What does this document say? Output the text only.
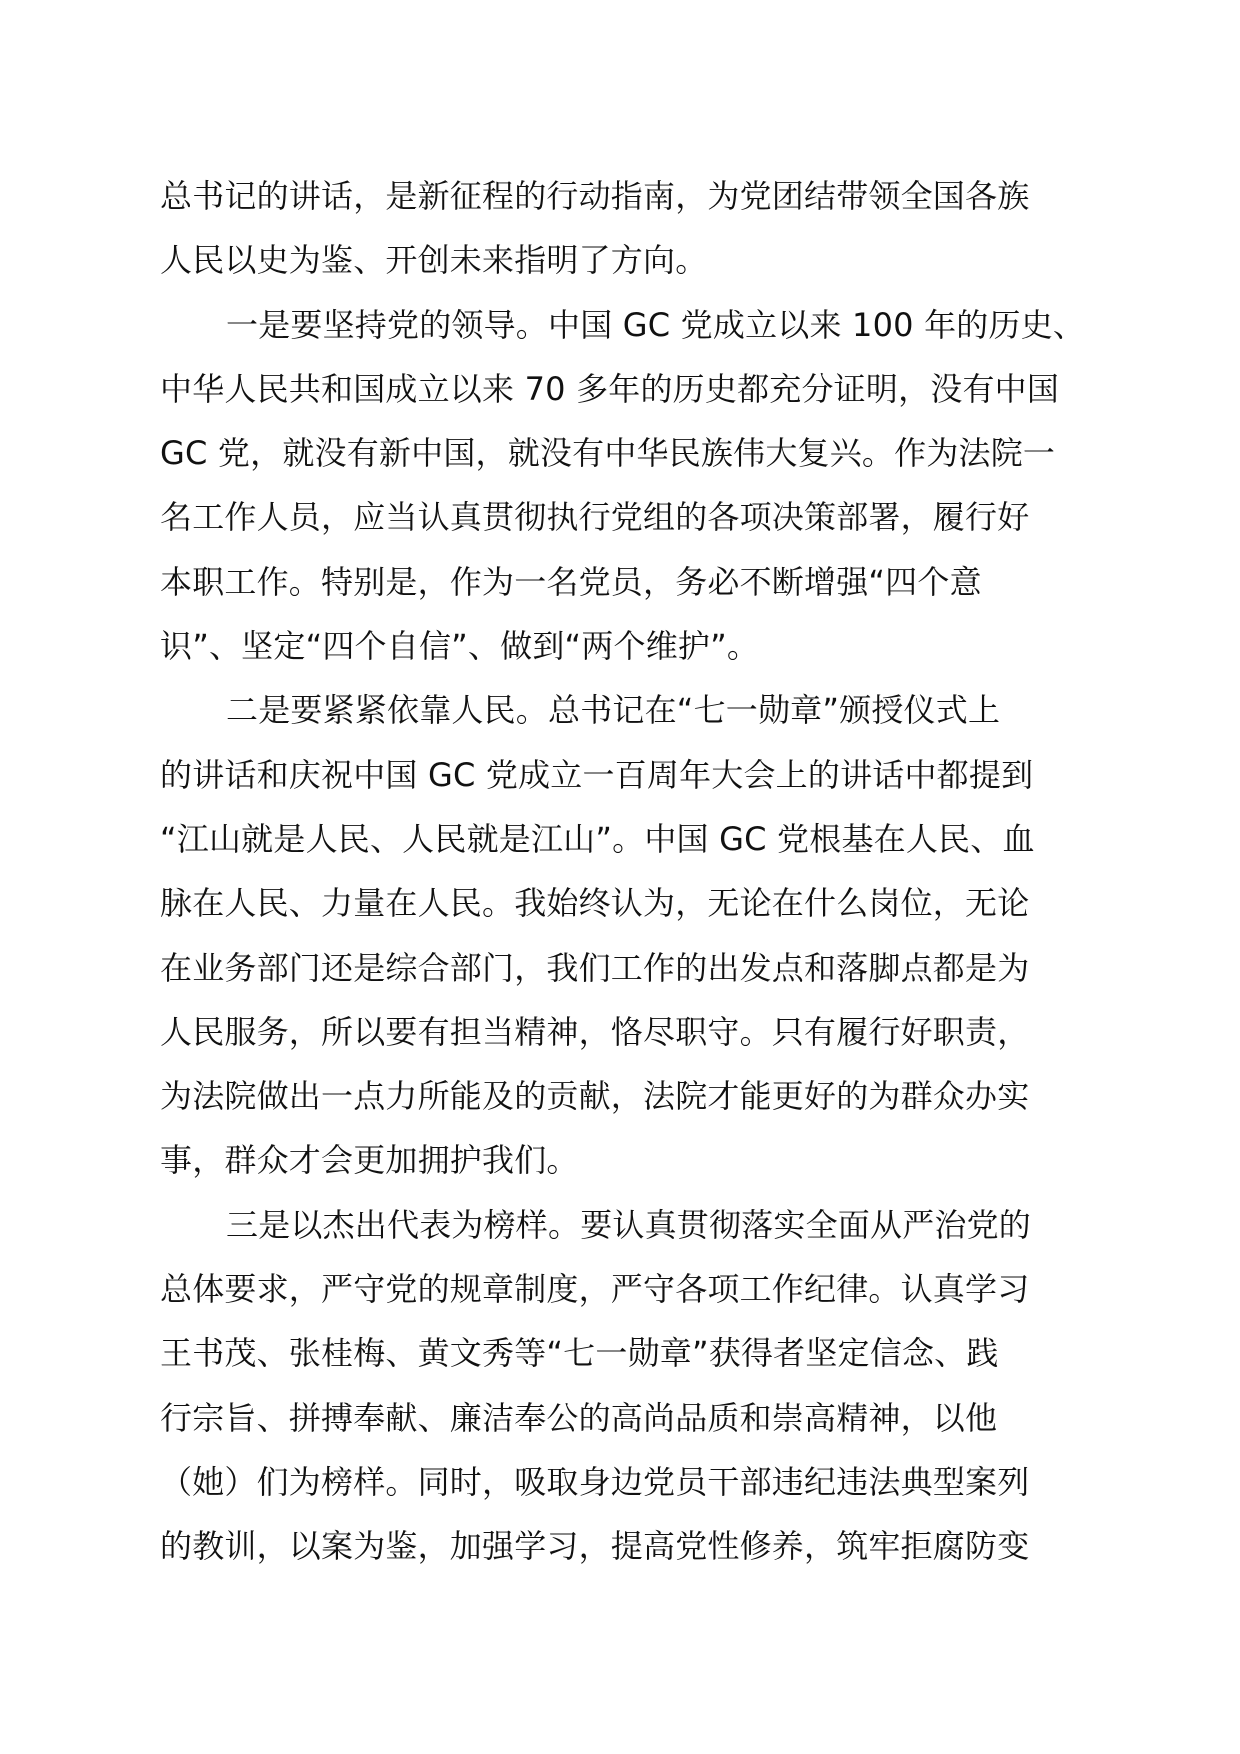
总书记的讲话，是新征程的行动指南，为党团结带领全国各族
人民以史为鉴、开创未来指明了方向。
一是要坚持党的领导。中国 GC 党成立以来 100 年的历史、
中华人民共和国成立以来 70 多年的历史都充分证明，没有中国
GC 党，就没有新中国，就没有中华民族伟大复兴。作为法院一
名工作人员，应当认真贯彻执行党组的各项决策部署，履行好
本职工作。特别是，作为一名党员，务必不断增强“四个意
识”、坚定“四个自信”、做到“两个维护”。
二是要紧紧依靠人民。总书记在“七一勋章”颁授仪式上
的讲话和庆祝中国 GC 党成立一百周年大会上的讲话中都提到
“江山就是人民、人民就是江山”。中国 GC 党根基在人民、血
脉在人民、力量在人民。我始终认为，无论在什么岗位，无论
在业务部门还是综合部门，我们工作的出发点和落脚点都是为
人民服务，所以要有担当精神，恪尽职守。只有履行好职责，
为法院做出一点力所能及的贡献，法院才能更好的为群众办实
事，群众才会更加拥护我们。
三是以杰出代表为榜样。要认真贯彻落实全面从严治党的
总体要求，严守党的规章制度，严守各项工作纪律。认真学习
王书茂、张桂梅、黄文秀等“七一勋章”获得者坚定信念、践
行宗旨、拼搏奉献、廉洁奉公的高尚品质和崇高精神，以他
（她）们为榜样。同时，吸取身边党员干部违纪违法典型案列
的教训，以案为鉴，加强学习，提高党性修养，筑牢拒腐防变
